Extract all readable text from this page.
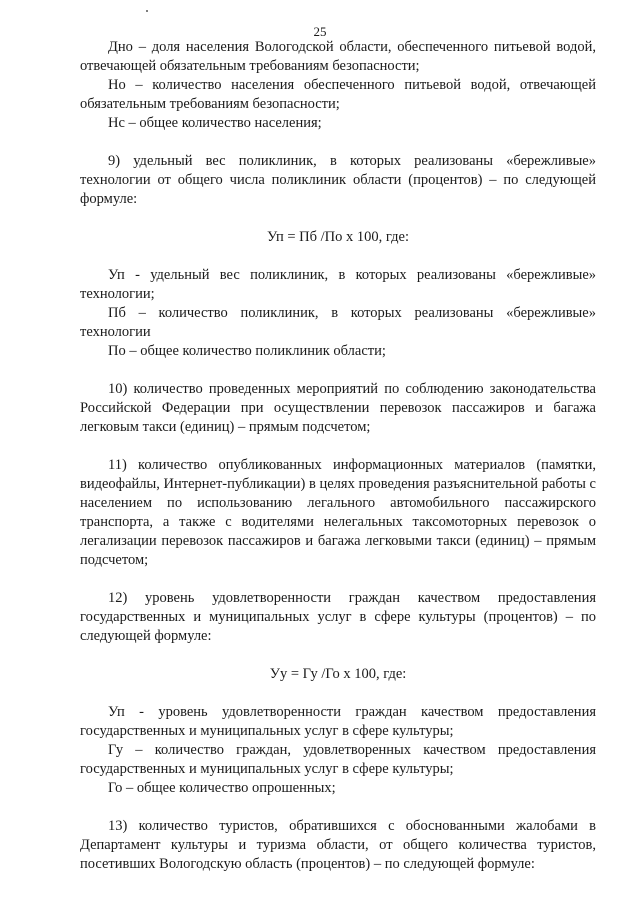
25

Дно – доля населения Вологодской области, обеспеченного питьевой водой, отвечающей обязательным требованиям безопасности;

Но – количество населения обеспеченного питьевой водой, отвечающей обязательным требованиям безопасности;

Нс – общее количество населения;

9) удельный вес поликлиник, в которых реализованы «бережливые» технологии от общего числа поликлиник области (процентов) – по следующей формуле:

Уп = Пб /По х 100, где:

Уп - удельный вес поликлиник, в которых реализованы «бережливые» технологии;

Пб – количество поликлиник, в которых реализованы «бережливые» технологии

По – общее количество поликлиник области;

10) количество проведенных мероприятий по соблюдению законодательства Российской Федерации при осуществлении перевозок пассажиров и багажа легковым такси (единиц) – прямым подсчетом;

11) количество опубликованных информационных материалов (памятки, видеофайлы, Интернет-публикации) в целях проведения разъяснительной работы с населением по использованию легального автомобильного пассажирского транспорта, а также с водителями нелегальных таксомоторных перевозок о легализации перевозок пассажиров и багажа легковыми такси (единиц) – прямым подсчетом;

12) уровень удовлетворенности граждан качеством предоставления государственных и муниципальных услуг в сфере культуры (процентов) – по следующей формуле:

Уу = Гу /Го х 100, где:

Уп - уровень удовлетворенности граждан качеством предоставления государственных и муниципальных услуг в сфере культуры;

Гу – количество граждан, удовлетворенных качеством предоставления государственных и муниципальных услуг в сфере культуры;

Го – общее количество опрошенных;

13) количество туристов, обратившихся с обоснованными жалобами в Департамент культуры и туризма области, от общего количества туристов, посетивших Вологодскую область (процентов) – по следующей формуле:
